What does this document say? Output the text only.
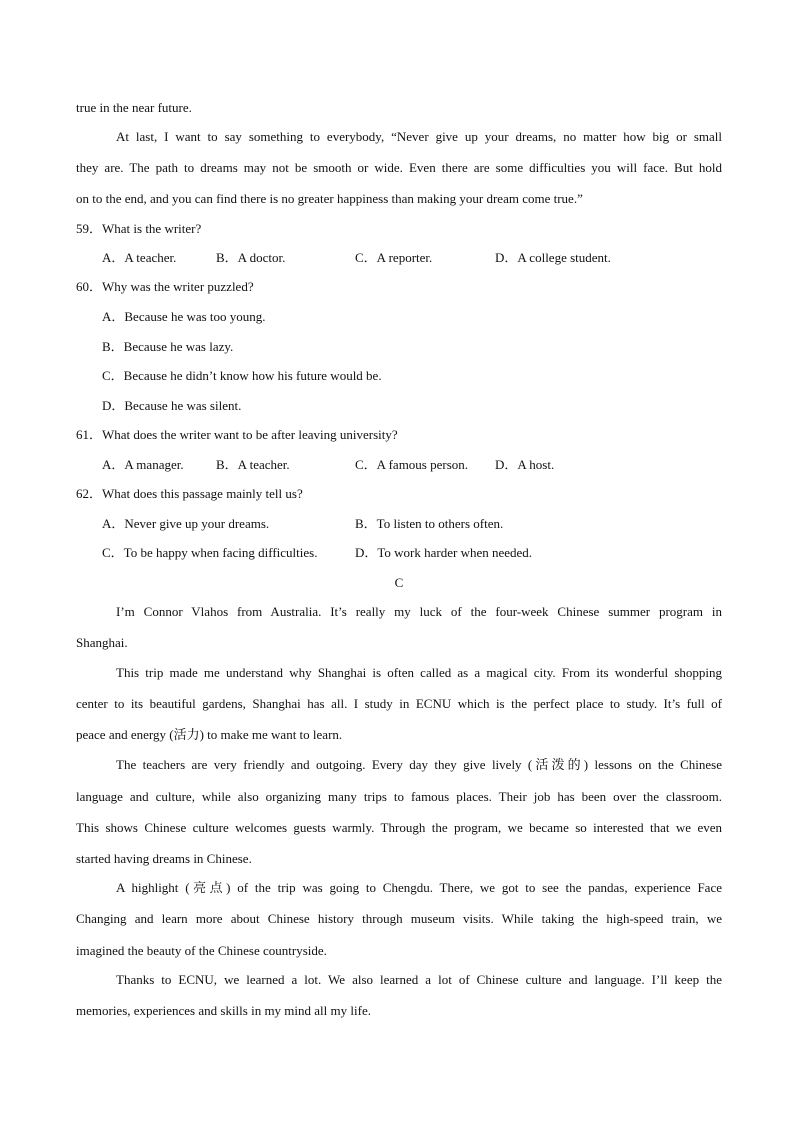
true in the near future.
At last, I want to say something to everybody, “Never give up your dreams, no matter how big or small
they are. The path to dreams may not be smooth or wide. Even there are some difficulties you will face. But hold
on to the end, and you can find there is no greater happiness than making your dream come true.”
59．What is the writer?
A．A teacher.	B．A doctor.	C．A reporter.	D．A college student.
60．Why was the writer puzzled?
A．Because he was too young.
B．Because he was lazy.
C．Because he didn’t know how his future would be.
D．Because he was silent.
61．What does the writer want to be after leaving university?
A．A manager. B．A teacher.	C．A famous person. D．A host.
62．What does this passage mainly tell us?
A．Never give up your dreams.	B．To listen to others often.
C．To be happy when facing difficulties.	D．To work harder when needed.
C
I’m Connor Vlahos from Australia. It’s really my luck of the four-week Chinese summer program in
Shanghai.
This trip made me understand why Shanghai is often called as a magical city. From its wonderful shopping
center to its beautiful gardens, Shanghai has all. I study in ECNU which is the perfect place to study. It’s full of
peace and energy (活力) to make me want to learn.
The teachers are very friendly and outgoing. Every day they give lively (活泼的) lessons on the Chinese
language and culture, while also organizing many trips to famous places. Their job has been over the classroom.
This shows Chinese culture welcomes guests warmly. Through the program, we became so interested that we even
started having dreams in Chinese.
A highlight (亮点) of the trip was going to Chengdu. There, we got to see the pandas, experience Face
Changing and learn more about Chinese history through museum visits. While taking the high-speed train, we
imagined the beauty of the Chinese countryside.
Thanks to ECNU, we learned a lot. We also learned a lot of Chinese culture and language. I’ll keep the
memories, experiences and skills in my mind all my life.
